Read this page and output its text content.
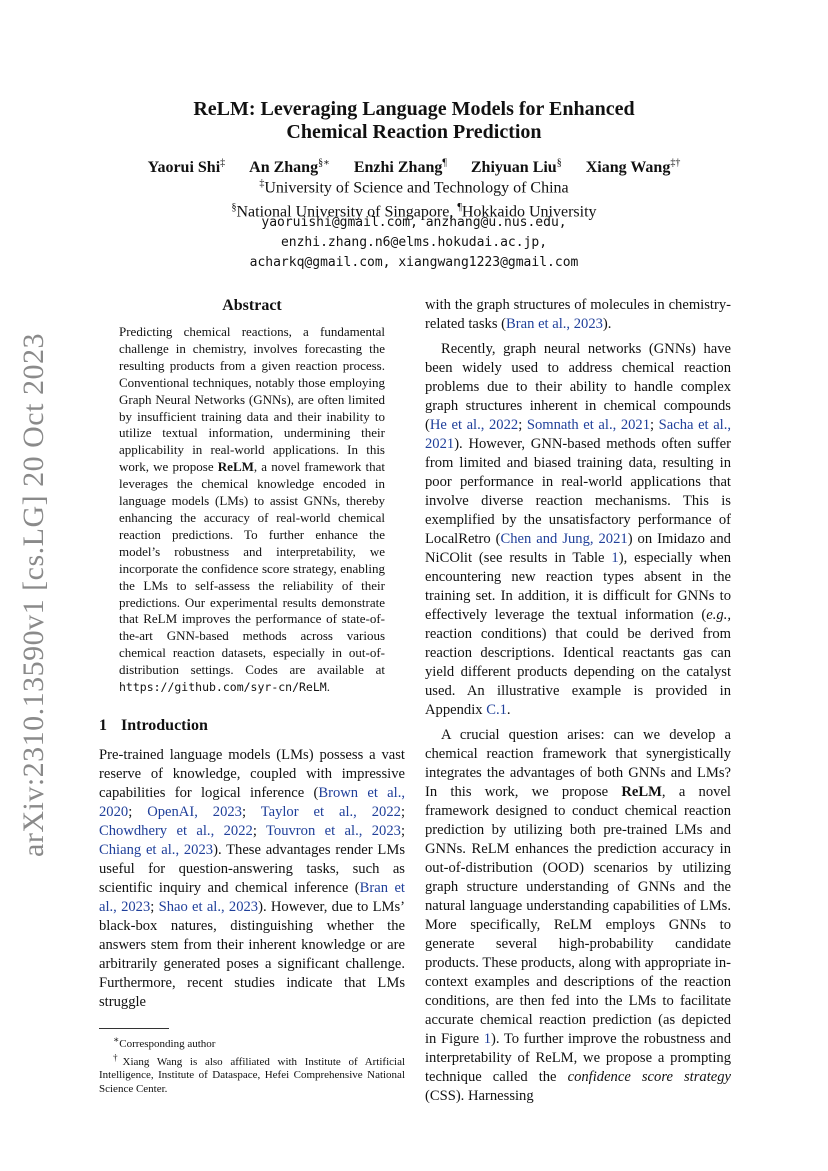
arXiv:2310.13590v1 [cs.LG] 20 Oct 2023
ReLM: Leveraging Language Models for Enhanced
Chemical Reaction Prediction
Yaorui Shi‡ An Zhang§∗ Enzhi Zhang¶ Zhiyuan Liu§ Xiang Wang‡†
‡University of Science and Technology of China
§National University of Singapore, ¶Hokkaido University
yaoruishi@gmail.com, anzhang@u.nus.edu,
enzhi.zhang.n6@elms.hokudai.ac.jp,
acharkq@gmail.com, xiangwang1223@gmail.com
Abstract
Predicting chemical reactions, a fundamental challenge in chemistry, involves forecasting the resulting products from a given reaction process. Conventional techniques, notably those employing Graph Neural Networks (GNNs), are often limited by insufficient training data and their inability to utilize textual information, undermining their applicability in real-world applications. In this work, we propose ReLM, a novel framework that leverages the chemical knowledge encoded in language models (LMs) to assist GNNs, thereby enhancing the accuracy of real-world chemical reaction predictions. To further enhance the model’s robustness and interpretability, we incorporate the confidence score strategy, enabling the LMs to self-assess the reliability of their predictions. Our experimental results demonstrate that ReLM improves the performance of state-of-the-art GNN-based methods across various chemical reaction datasets, especially in out-of-distribution settings. Codes are available at https://github.com/syr-cn/ReLM.
1 Introduction

Pre-trained language models (LMs) possess a vast reserve of knowledge, coupled with impressive capabilities for logical inference (Brown et al., 2020; OpenAI, 2023; Taylor et al., 2022; Chowdhery et al., 2022; Touvron et al., 2023; Chiang et al., 2023). These advantages render LMs useful for question-answering tasks, such as scientific inquiry and chemical inference (Bran et al., 2023; Shao et al., 2023). However, due to LMs’ black-box natures, distinguishing whether the answers stem from their inherent knowledge or are arbitrarily generated poses a significant challenge. Furthermore, recent studies indicate that LMs struggle

∗Corresponding author

†Xiang Wang is also affiliated with Institute of Artificial Intelligence, Institute of Dataspace, Hefei Comprehensive National Science Center.

with the graph structures of molecules in chemistry-related tasks (Bran et al., 2023).

Recently, graph neural networks (GNNs) have been widely used to address chemical reaction problems due to their ability to handle complex graph structures inherent in chemical compounds (He et al., 2022; Somnath et al., 2021; Sacha et al., 2021). However, GNN-based methods often suffer from limited and biased training data, resulting in poor performance in real-world applications that involve diverse reaction mechanisms. This is exemplified by the unsatisfactory performance of LocalRetro (Chen and Jung, 2021) on Imidazo and NiCOlit (see results in Table 1), especially when encountering new reaction types absent in the training set. In addition, it is difficult for GNNs to effectively leverage the textual information (e.g., reaction conditions) that could be derived from reaction descriptions. Identical reactants gas can yield different products depending on the catalyst used. An illustrative example is provided in Appendix C.1.

A crucial question arises: can we develop a chemical reaction framework that synergistically integrates the advantages of both GNNs and LMs? In this work, we propose ReLM, a novel framework designed to conduct chemical reaction prediction by utilizing both pre-trained LMs and GNNs. ReLM enhances the prediction accuracy in out-of-distribution (OOD) scenarios by utilizing graph structure understanding of GNNs and the natural language understanding capabilities of LMs. More specifically, ReLM employs GNNs to generate several high-probability candidate products. These products, along with appropriate in-context examples and descriptions of the reaction conditions, are then fed into the LMs to facilitate accurate chemical reaction prediction (as depicted in Figure 1). To further improve the robustness and interpretability of ReLM, we propose a prompting technique called the confidence score strategy (CSS). Harnessing
